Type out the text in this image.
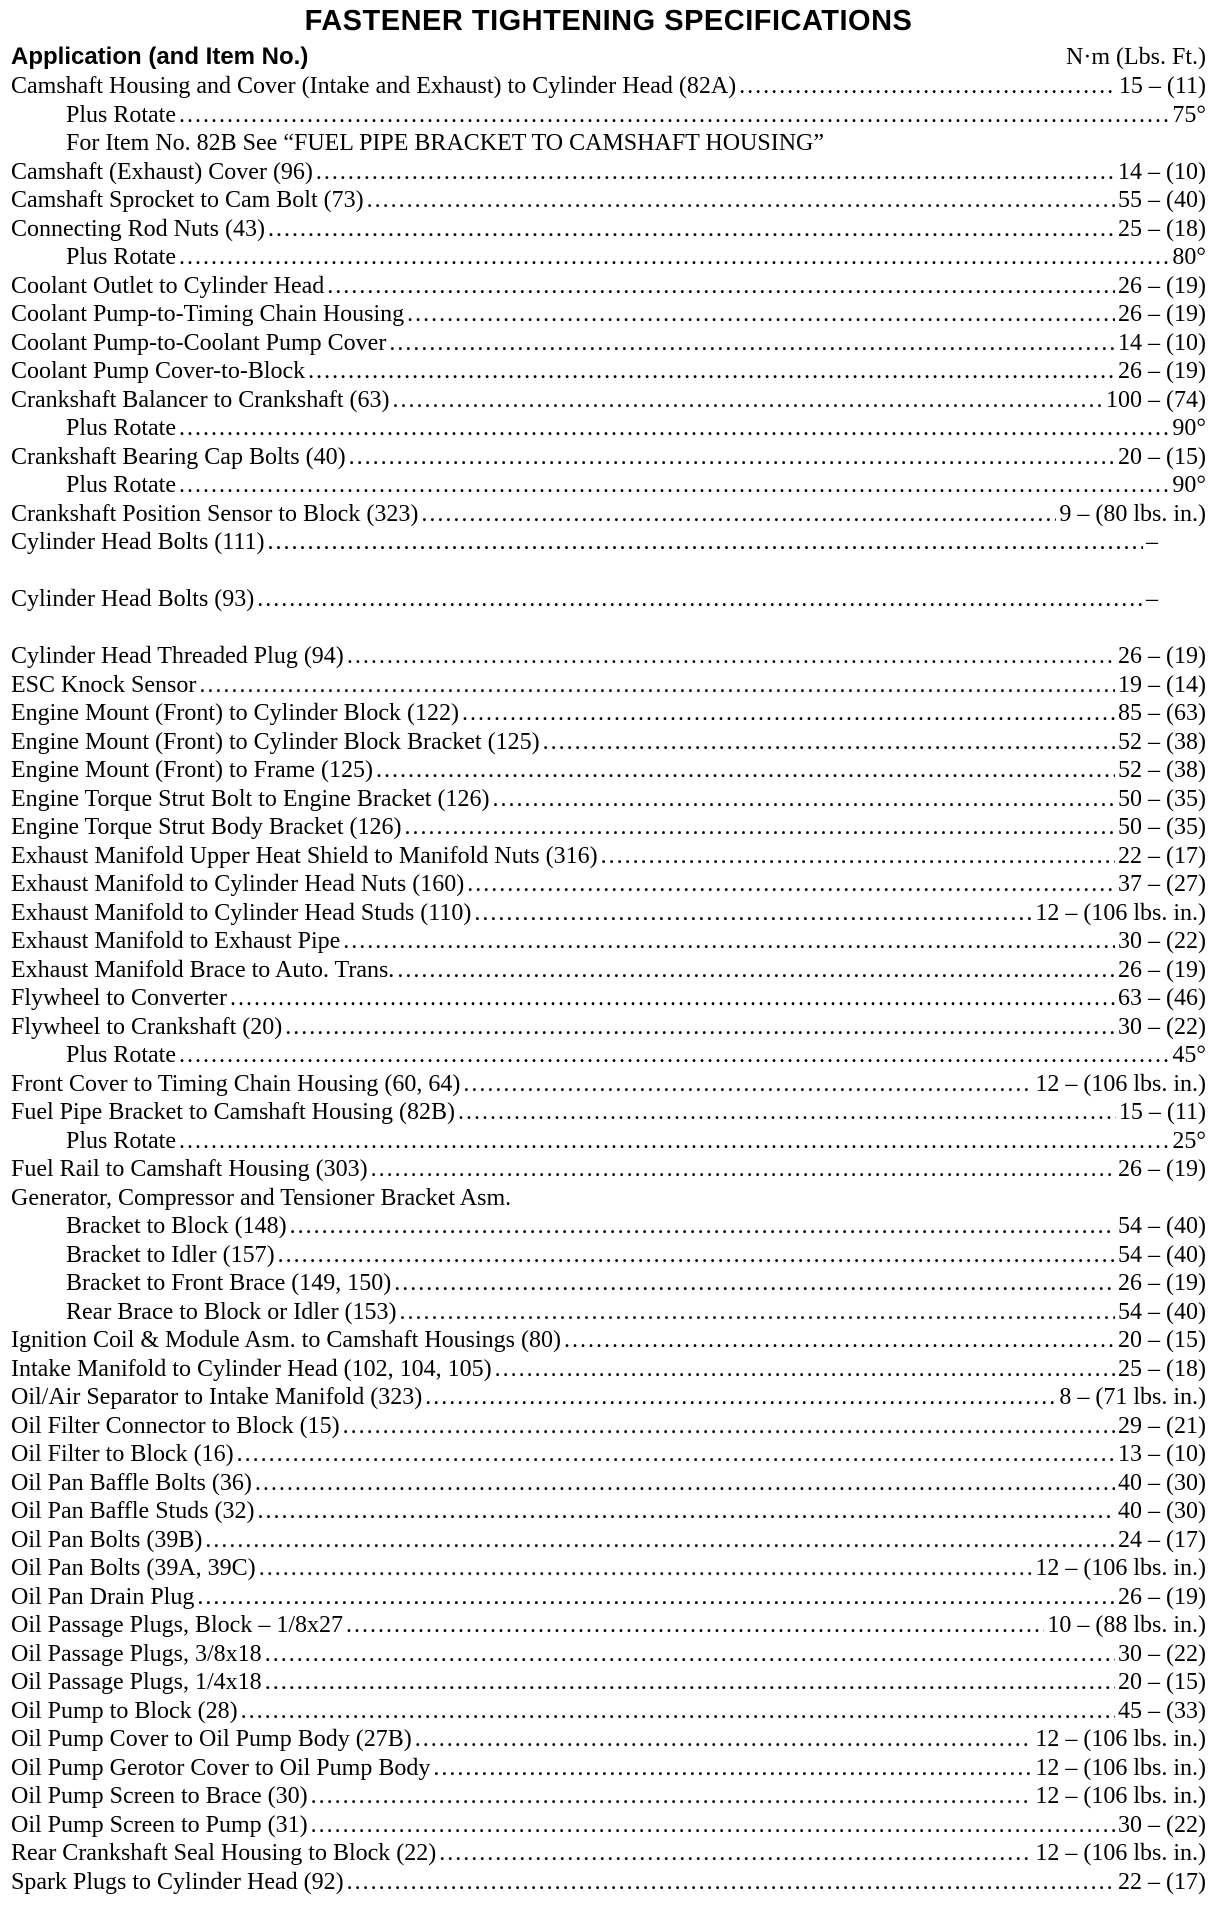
FASTENER TIGHTENING SPECIFICATIONS
Application (and Item No.)	N·m (Lbs. Ft.)
Camshaft Housing and Cover (Intake and Exhaust) to Cylinder Head (82A) .....	15 – (11)
Plus Rotate .....	75°
For Item No. 82B See “FUEL PIPE BRACKET TO CAMSHAFT HOUSING”
Camshaft (Exhaust) Cover (96) .....	14 – (10)
Camshaft Sprocket to Cam Bolt (73) .....	55 – (40)
Connecting Rod Nuts (43) .....	25 – (18)
Plus Rotate .....	80°
Coolant Outlet to Cylinder Head .....	26 – (19)
Coolant Pump-to-Timing Chain Housing .....	26 – (19)
Coolant Pump-to-Coolant Pump Cover .....	14 – (10)
Coolant Pump Cover-to-Block .....	26 – (19)
Crankshaft Balancer to Crankshaft (63) .....	100 – (74)
Plus Rotate .....	90°
Crankshaft Bearing Cap Bolts (40) .....	20 – (15)
Plus Rotate .....	90°
Crankshaft Position Sensor to Block (323) .....	9 – (80 lbs. in.)
Cylinder Head Bolts (111) .....	–
Cylinder Head Bolts (93) .....	–
Cylinder Head Threaded Plug (94) .....	26 – (19)
ESC Knock Sensor .....	19 – (14)
Engine Mount (Front) to Cylinder Block (122) .....	85 – (63)
Engine Mount (Front) to Cylinder Block Bracket (125) .....	52 – (38)
Engine Mount (Front) to Frame (125) .....	52 – (38)
Engine Torque Strut Bolt to Engine Bracket (126) .....	50 – (35)
Engine Torque Strut Body Bracket (126) .....	50 – (35)
Exhaust Manifold Upper Heat Shield to Manifold Nuts (316) .....	22 – (17)
Exhaust Manifold to Cylinder Head Nuts (160) .....	37 – (27)
Exhaust Manifold to Cylinder Head Studs (110) .....	12 – (106 lbs. in.)
Exhaust Manifold to Exhaust Pipe .....	30 – (22)
Exhaust Manifold Brace to Auto. Trans. .....	26 – (19)
Flywheel to Converter .....	63 – (46)
Flywheel to Crankshaft (20) .....	30 – (22)
Plus Rotate .....	45°
Front Cover to Timing Chain Housing (60, 64) .....	12 – (106 lbs. in.)
Fuel Pipe Bracket to Camshaft Housing (82B) .....	15 – (11)
Plus Rotate .....	25°
Fuel Rail to Camshaft Housing (303) .....	26 – (19)
Generator, Compressor and Tensioner Bracket Asm.
Bracket to Block (148) .....	54 – (40)
Bracket to Idler (157) .....	54 – (40)
Bracket to Front Brace (149, 150) .....	26 – (19)
Rear Brace to Block or Idler (153) .....	54 – (40)
Ignition Coil & Module Asm. to Camshaft Housings (80) .....	20 – (15)
Intake Manifold to Cylinder Head (102, 104, 105) .....	25 – (18)
Oil/Air Separator to Intake Manifold (323) .....	8 – (71 lbs. in.)
Oil Filter Connector to Block (15) .....	29 – (21)
Oil Filter to Block (16) .....	13 – (10)
Oil Pan Baffle Bolts (36) .....	40 – (30)
Oil Pan Baffle Studs (32) .....	40 – (30)
Oil Pan Bolts (39B) .....	24 – (17)
Oil Pan Bolts (39A, 39C) .....	12 – (106 lbs. in.)
Oil Pan Drain Plug .....	26 – (19)
Oil Passage Plugs, Block – 1/8x27 .....	10 – (88 lbs. in.)
Oil Passage Plugs, 3/8x18 .....	30 – (22)
Oil Passage Plugs, 1/4x18 .....	20 – (15)
Oil Pump to Block (28) .....	45 – (33)
Oil Pump Cover to Oil Pump Body (27B) .....	12 – (106 lbs. in.)
Oil Pump Gerotor Cover to Oil Pump Body .....	12 – (106 lbs. in.)
Oil Pump Screen to Brace (30) .....	12 – (106 lbs. in.)
Oil Pump Screen to Pump (31) .....	30 – (22)
Rear Crankshaft Seal Housing to Block (22) .....	12 – (106 lbs. in.)
Spark Plugs to Cylinder Head (92) .....	22 – (17)
